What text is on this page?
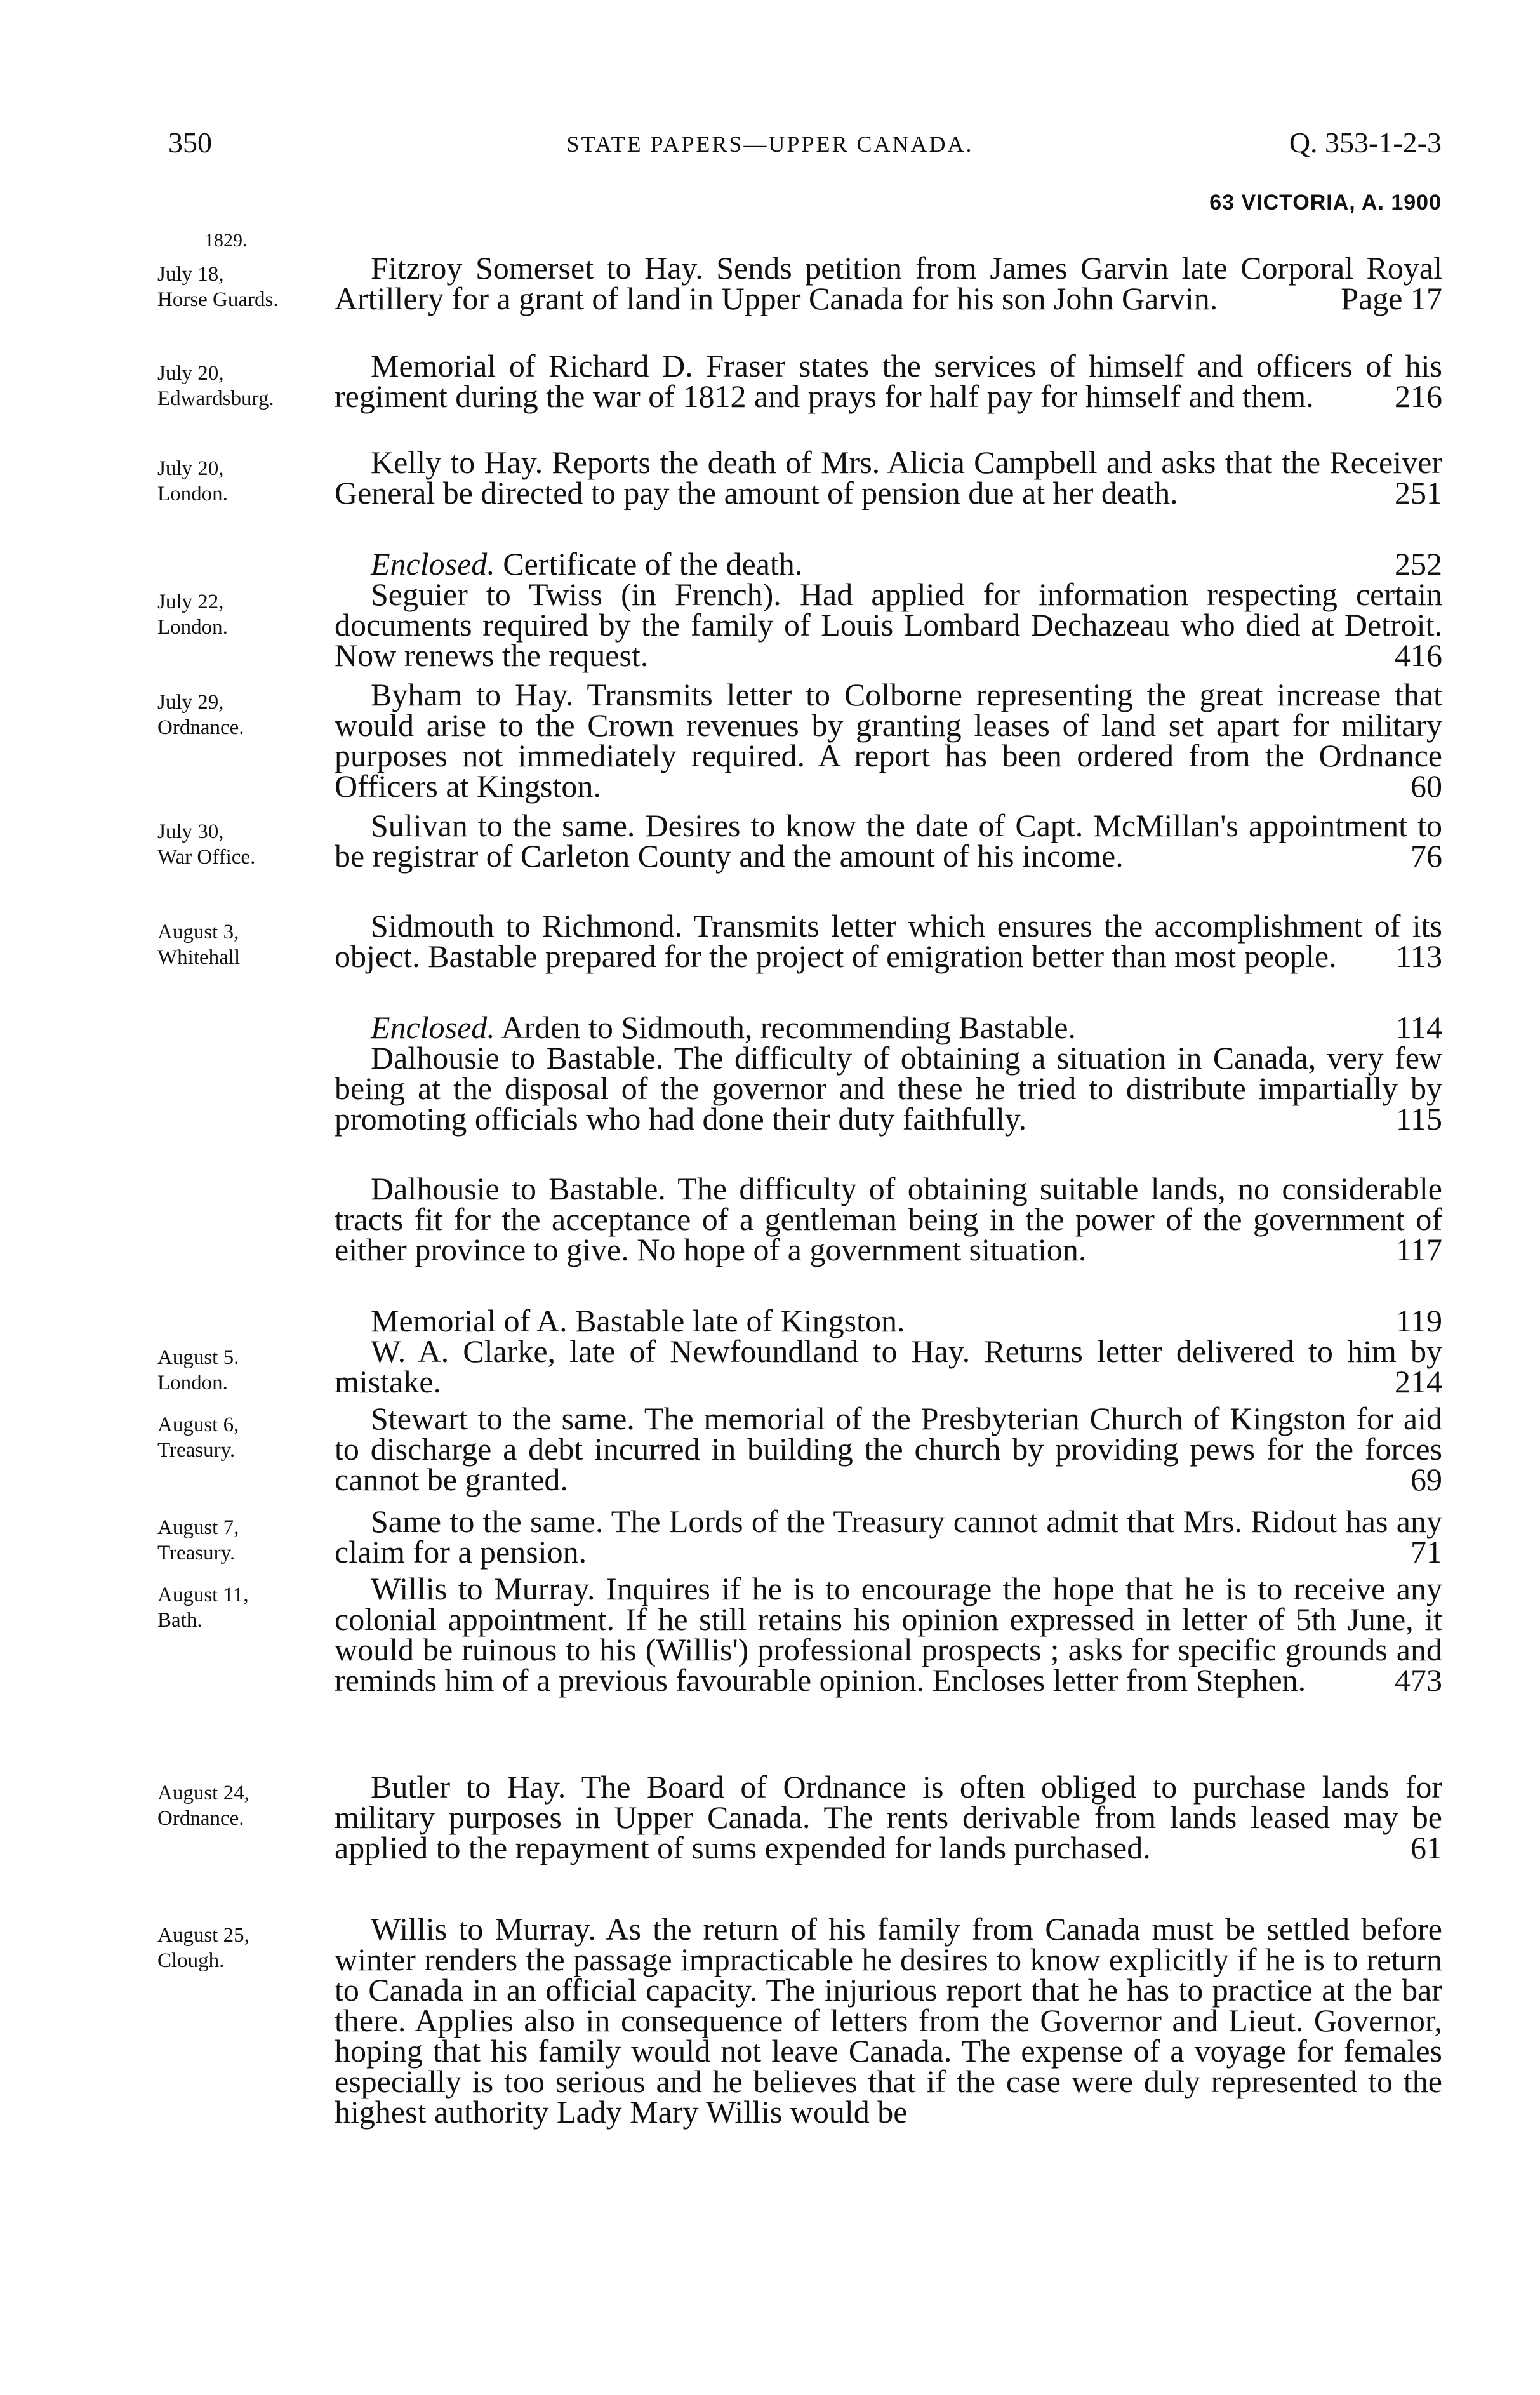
350	STATE PAPERS—UPPER CANADA.	Q. 353-1-2-3
63 VICTORIA, A. 1900
1829.
July 18,
Horse Guards.
Fitzroy Somerset to Hay. Sends petition from James Garvin late Corporal Royal Artillery for a grant of land in Upper Canada for his son John Garvin.	Page 17
July 20,
Edwardsburg.
Memorial of Richard D. Fraser states the services of himself and officers of his regiment during the war of 1812 and prays for half pay for himself and them.	216
July 20,
London.
Kelly to Hay. Reports the death of Mrs. Alicia Campbell and asks that the Receiver General be directed to pay the amount of pension due at her death.	251
Enclosed. Certificate of the death.	252
July 22,
London.
Seguier to Twiss (in French). Had applied for information respecting certain documents required by the family of Louis Lombard Dechazeau who died at Detroit. Now renews the request.	416
July 29,
Ordnance.
Byham to Hay. Transmits letter to Colborne representing the great increase that would arise to the Crown revenues by granting leases of land set apart for military purposes not immediately required. A report has been ordered from the Ordnance Officers at Kingston.	60
July 30,
War Office.
Sulivan to the same. Desires to know the date of Capt. McMillan's appointment to be registrar of Carleton County and the amount of his income.	76
August 3,
Whitehall
Sidmouth to Richmond. Transmits letter which ensures the accomplishment of its object. Bastable prepared for the project of emigration better than most people. 113
Enclosed. Arden to Sidmouth, recommending Bastable.	114
Dalhousie to Bastable. The difficulty of obtaining a situation in Canada, very few being at the disposal of the governor and these he tried to distribute impartially by promoting officials who had done their duty faithfully.	115
Dalhousie to Bastable. The difficulty of obtaining suitable lands, no considerable tracts fit for the acceptance of a gentleman being in the power of the government of either province to give. No hope of a government situation.	117
Memorial of A. Bastable late of Kingston.	119
August 5.
London.
W. A. Clarke, late of Newfoundland to Hay. Returns letter delivered to him by mistake.	214
August 6,
Treasury.
Stewart to the same. The memorial of the Presbyterian Church of Kingston for aid to discharge a debt incurred in building the church by providing pews for the forces cannot be granted.	69
August 7,
Treasury.
Same to the same. The Lords of the Treasury cannot admit that Mrs. Ridout has any claim for a pension.	71
August 11,
Bath.
Willis to Murray. Inquires if he is to encourage the hope that he is to receive any colonial appointment. If he still retains his opinion expressed in letter of 5th June, it would be ruinous to his (Willis') professional prospects ; asks for specific grounds and reminds him of a previous favourable opinion. Encloses letter from Stephen.	473
August 24,
Ordnance.
Butler to Hay. The Board of Ordnance is often obliged to purchase lands for military purposes in Upper Canada. The rents derivable from lands leased may be applied to the repayment of sums expended for lands purchased.	61
August 25,
Clough.
Willis to Murray. As the return of his family from Canada must be settled before winter renders the passage impracticable he desires to know explicitly if he is to return to Canada in an official capacity. The injurious report that he has to practice at the bar there. Applies also in consequence of letters from the Governor and Lieut. Governor, hoping that his family would not leave Canada. The expense of a voyage for females especially is too serious and he believes that if the case were duly represented to the highest authority Lady Mary Willis would be
